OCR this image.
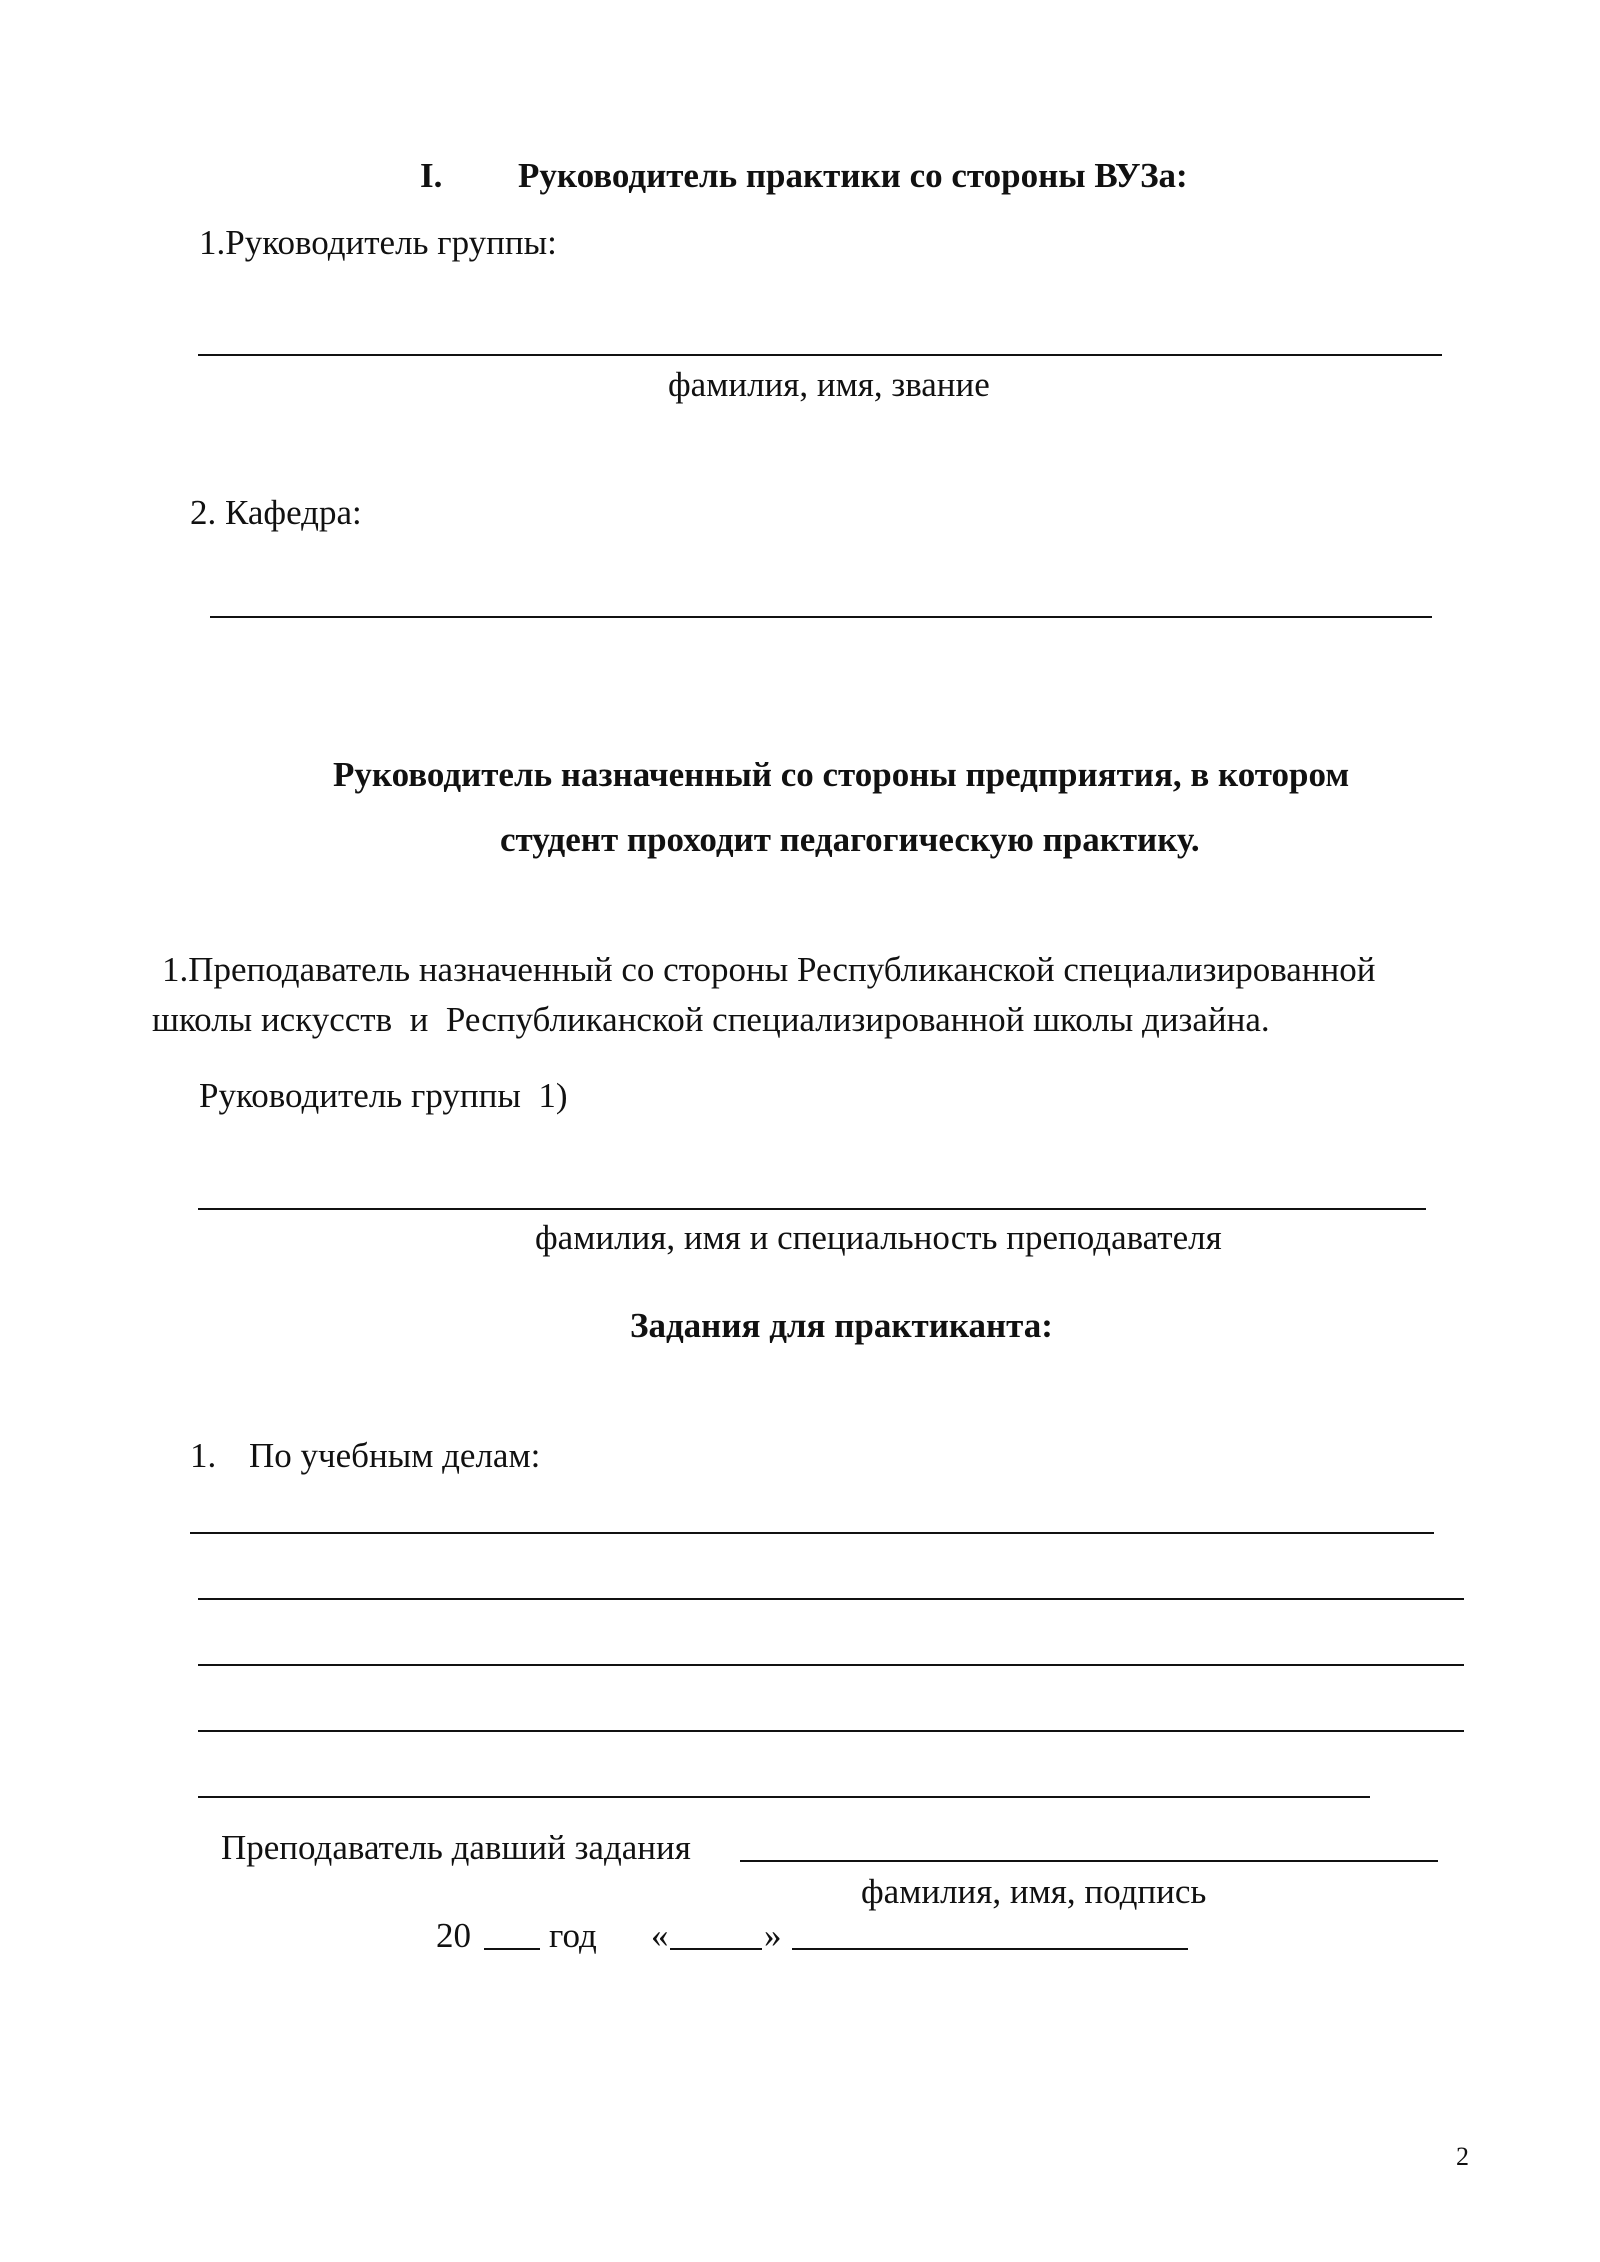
I. Руководитель практики со стороны ВУЗа:
1.Руководитель группы:
фамилия, имя, звание
2. Кафедра:
Руководитель назначенный со стороны предприятия, в котором
студент проходит педагогическую практику.
1.Преподаватель назначенный со стороны Республиканской специализированной
школы искусств  и  Республиканской специализированной школы дизайна.
Руководитель группы  1)
фамилия, имя и специальность преподавателя
Задания для практиканта:
1. По учебным делам:
Преподаватель давший задания
фамилия, имя, подпись
20 год «	»
2
